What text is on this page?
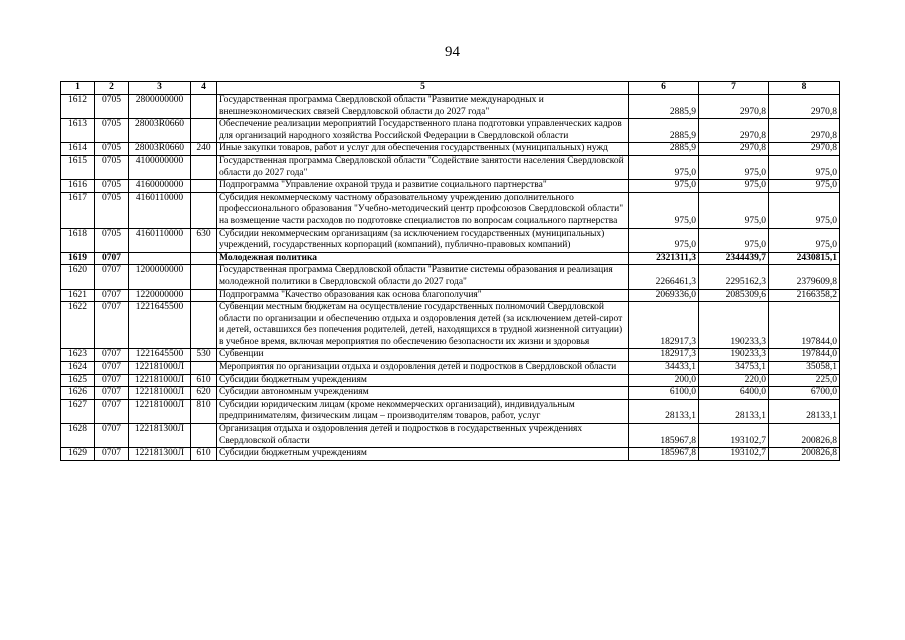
94
1	2	3	4	5	6	7	8
1612	0705	2800000000		Государственная программа Свердловской области "Развитие международных и внешнеэкономических связей Свердловской области до 2027 года"	2885,9	2970,8	2970,8
1613	0705	28003R0660		Обеспечение реализации мероприятий Государственного плана подготовки управленческих кадров для организаций народного хозяйства Российской Федерации в Свердловской области	2885,9	2970,8	2970,8
1614	0705	28003R0660	240	Иные закупки товаров, работ и услуг для обеспечения государственных (муниципальных) нужд	2885,9	2970,8	2970,8
1615	0705	4100000000		Государственная программа Свердловской области "Содействие занятости населения Свердловской области до 2027 года"	975,0	975,0	975,0
1616	0705	4160000000		Подпрограмма "Управление охраной труда и развитие социального партнерства"	975,0	975,0	975,0
1617	0705	4160110000		Субсидия некоммерческому частному образовательному учреждению дополнительного профессионального образования "Учебно-методический центр профсоюзов Свердловской области" на возмещение части расходов по подготовке специалистов по вопросам социального партнерства	975,0	975,0	975,0
1618	0705	4160110000	630	Субсидии некоммерческим организациям (за исключением государственных (муниципальных) учреждений, государственных корпораций (компаний), публично-правовых компаний)	975,0	975,0	975,0
1619	0707			Молодежная политика	2321311,3	2344439,7	2430815,1
1620	0707	1200000000		Государственная программа Свердловской области "Развитие системы образования и реализация молодежной политики в Свердловской области до 2027 года"	2266461,3	2295162,3	2379609,8
1621	0707	1220000000		Подпрограмма "Качество образования как основа благополучия"	2069336,0	2085309,6	2166358,2
1622	0707	1221645500		Субвенции местным бюджетам на осуществление государственных полномочий Свердловской области по организации и обеспечению отдыха и оздоровления детей (за исключением детей-сирот и детей, оставшихся без попечения родителей, детей, находящихся в трудной жизненной ситуации) в учебное время, включая мероприятия по обеспечению безопасности их жизни и здоровья	182917,3	190233,3	197844,0
1623	0707	1221645500	530	Субвенции	182917,3	190233,3	197844,0
1624	0707	122181000Л		Мероприятия по организации отдыха и оздоровления детей и подростков в Свердловской области	34433,1	34753,1	35058,1
1625	0707	122181000Л	610	Субсидии бюджетным учреждениям	200,0	220,0	225,0
1626	0707	122181000Л	620	Субсидии автономным учреждениям	6100,0	6400,0	6700,0
1627	0707	122181000Л	810	Субсидии юридическим лицам (кроме некоммерческих организаций), индивидуальным предпринимателям, физическим лицам – производителям товаров, работ, услуг	28133,1	28133,1	28133,1
1628	0707	122181300Л		Организация отдыха и оздоровления детей и подростков в государственных учреждениях Свердловской области	185967,8	193102,7	200826,8
1629	0707	122181300Л	610	Субсидии бюджетным учреждениям	185967,8	193102,7	200826,8
